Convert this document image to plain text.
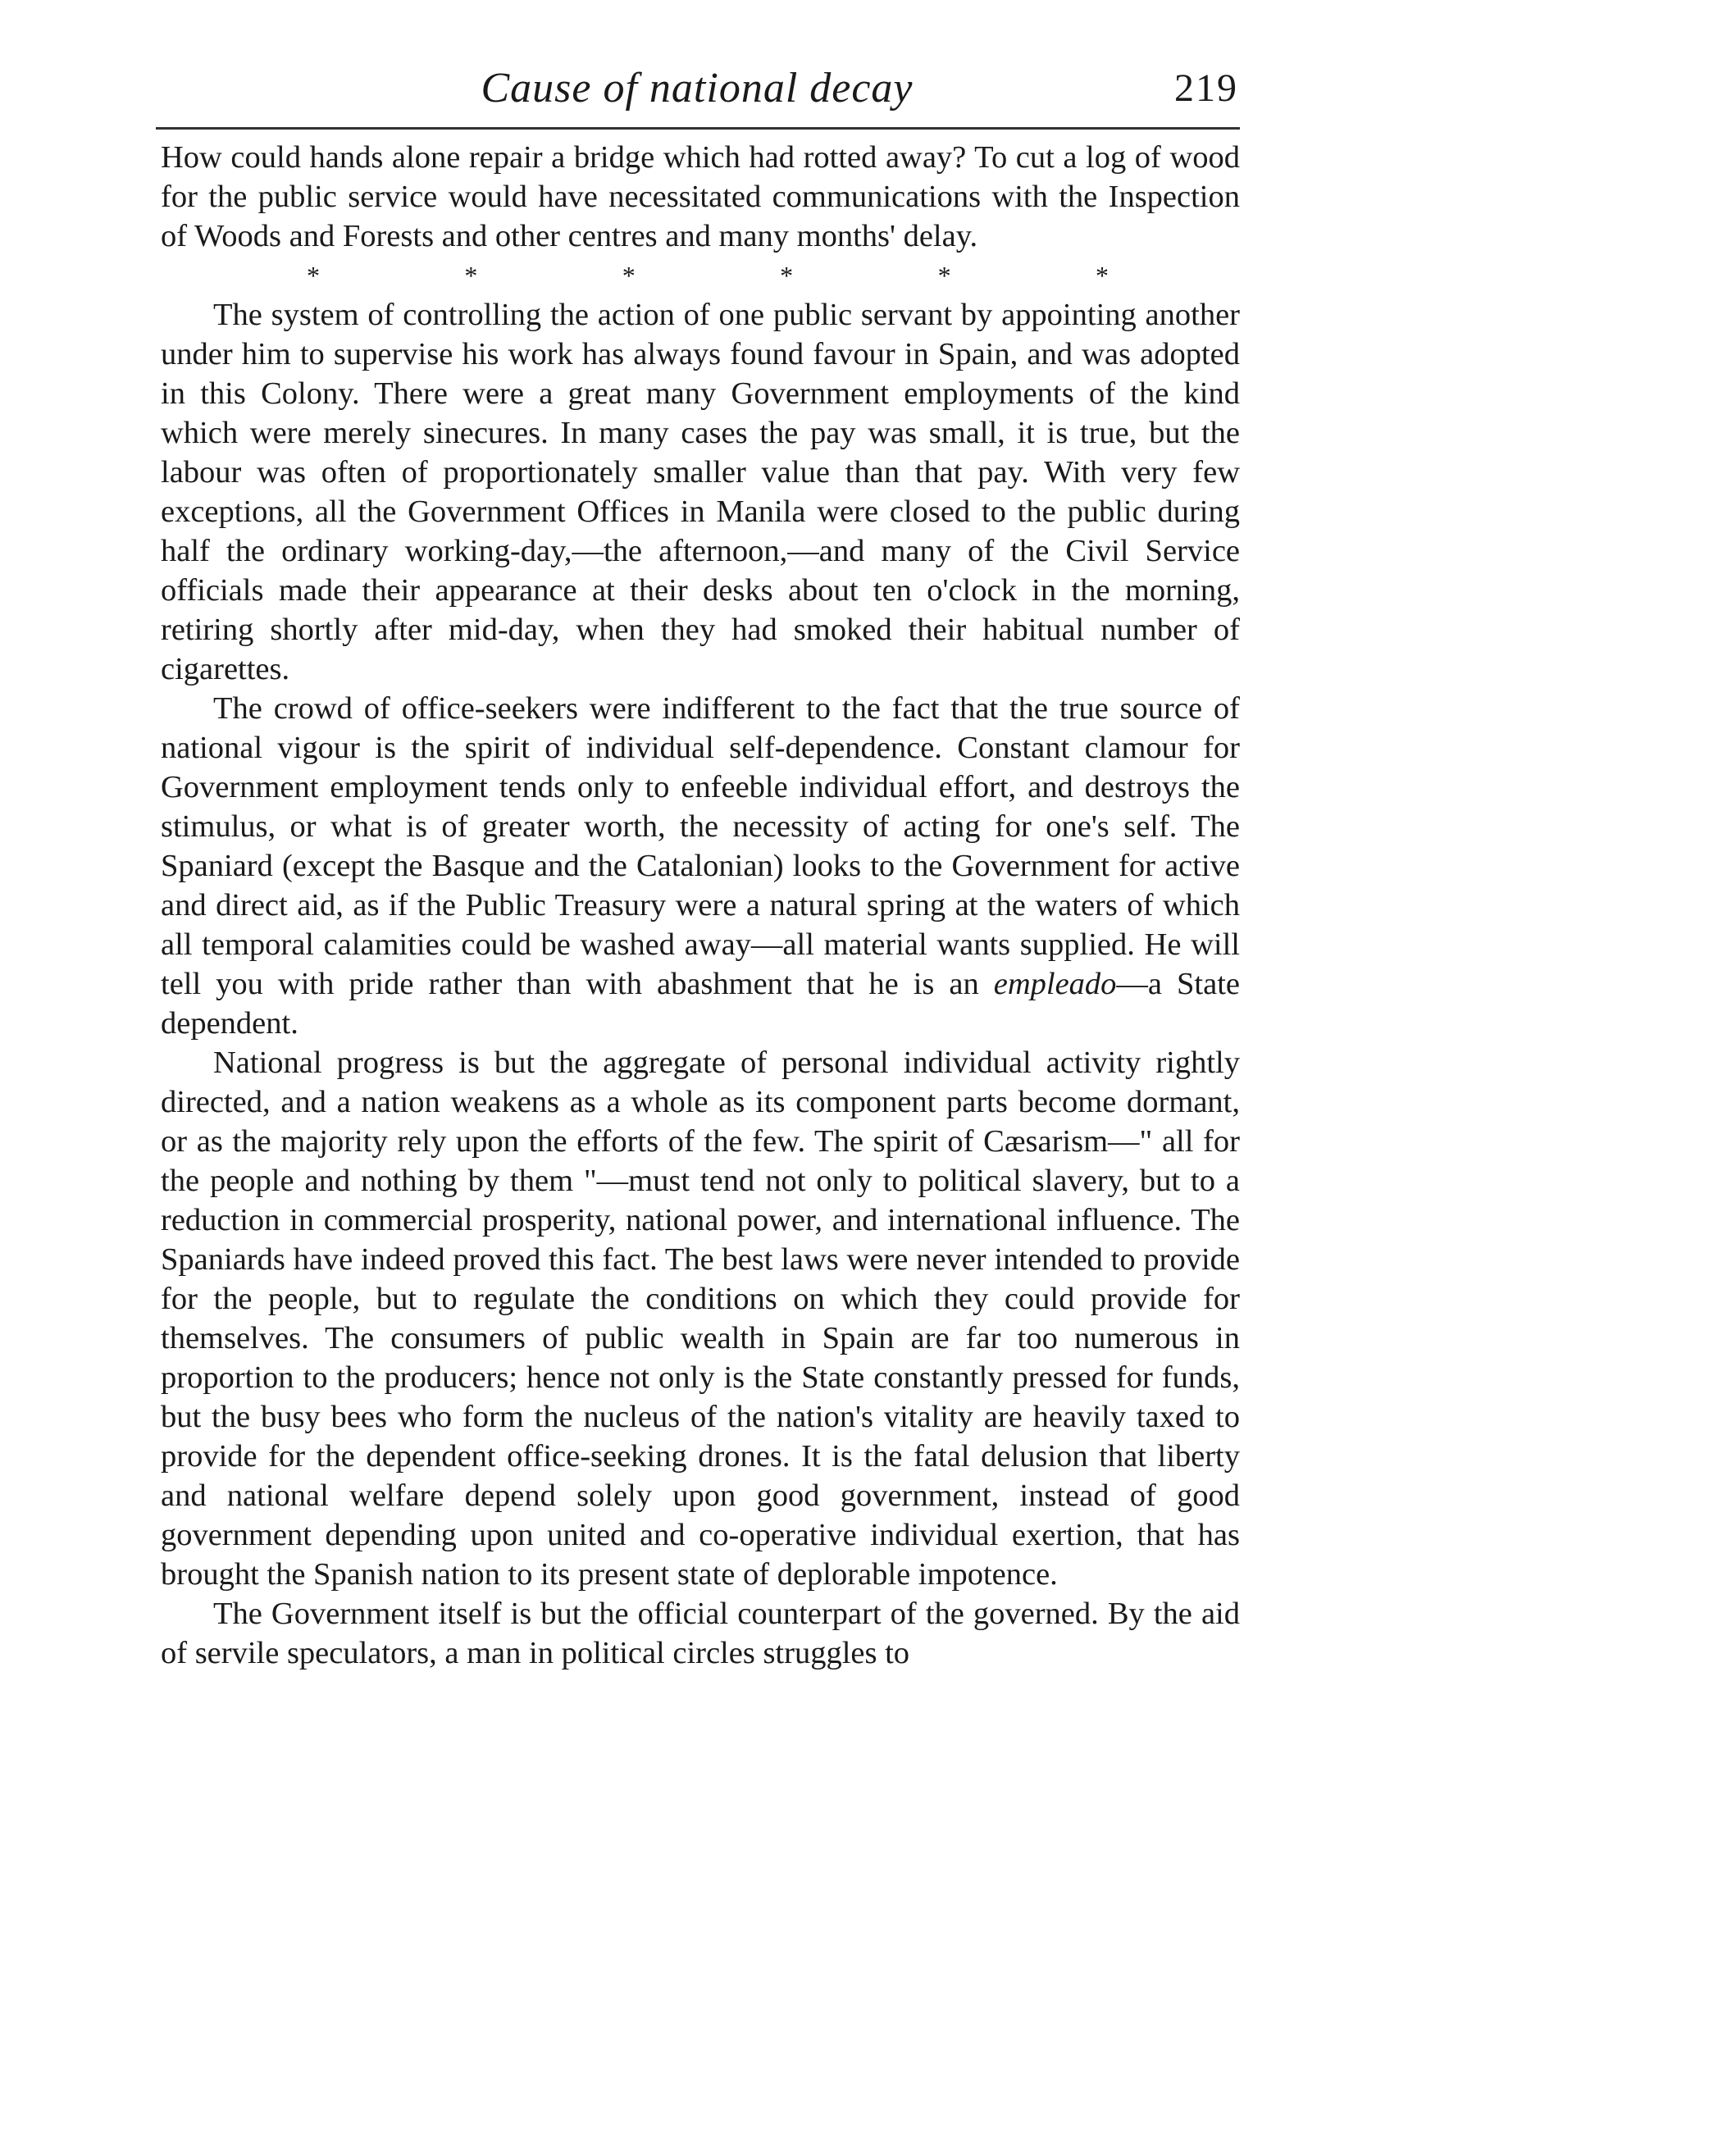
Cause of national decay	219

How could hands alone repair a bridge which had rotted away? To cut a log of wood for the public service would have necessitated communications with the Inspection of Woods and Forests and other centres and many months' delay.

*	*	*	*	*	*

The system of controlling the action of one public servant by appointing another under him to supervise his work has always found favour in Spain, and was adopted in this Colony. There were a great many Government employments of the kind which were merely sinecures. In many cases the pay was small, it is true, but the labour was often of proportionately smaller value than that pay. With very few exceptions, all the Government Offices in Manila were closed to the public during half the ordinary working-day,—the afternoon,—and many of the Civil Service officials made their appearance at their desks about ten o'clock in the morning, retiring shortly after mid-day, when they had smoked their habitual number of cigarettes.

The crowd of office-seekers were indifferent to the fact that the true source of national vigour is the spirit of individual self-dependence. Constant clamour for Government employment tends only to enfeeble individual effort, and destroys the stimulus, or what is of greater worth, the necessity of acting for one's self. The Spaniard (except the Basque and the Catalonian) looks to the Government for active and direct aid, as if the Public Treasury were a natural spring at the waters of which all temporal calamities could be washed away—all material wants supplied. He will tell you with pride rather than with abashment that he is an empleado—a State dependent.

National progress is but the aggregate of personal individual activity rightly directed, and a nation weakens as a whole as its component parts become dormant, or as the majority rely upon the efforts of the few. The spirit of Cæsarism—" all for the people and nothing by them "—must tend not only to political slavery, but to a reduction in commercial prosperity, national power, and international influence. The Spaniards have indeed proved this fact. The best laws were never intended to provide for the people, but to regulate the conditions on which they could provide for themselves. The consumers of public wealth in Spain are far too numerous in proportion to the producers; hence not only is the State constantly pressed for funds, but the busy bees who form the nucleus of the nation's vitality are heavily taxed to provide for the dependent office-seeking drones. It is the fatal delusion that liberty and national welfare depend solely upon good government, instead of good government depending upon united and co-operative individual exertion, that has brought the Spanish nation to its present state of deplorable impotence.

The Government itself is but the official counterpart of the governed. By the aid of servile speculators, a man in political circles struggles to
